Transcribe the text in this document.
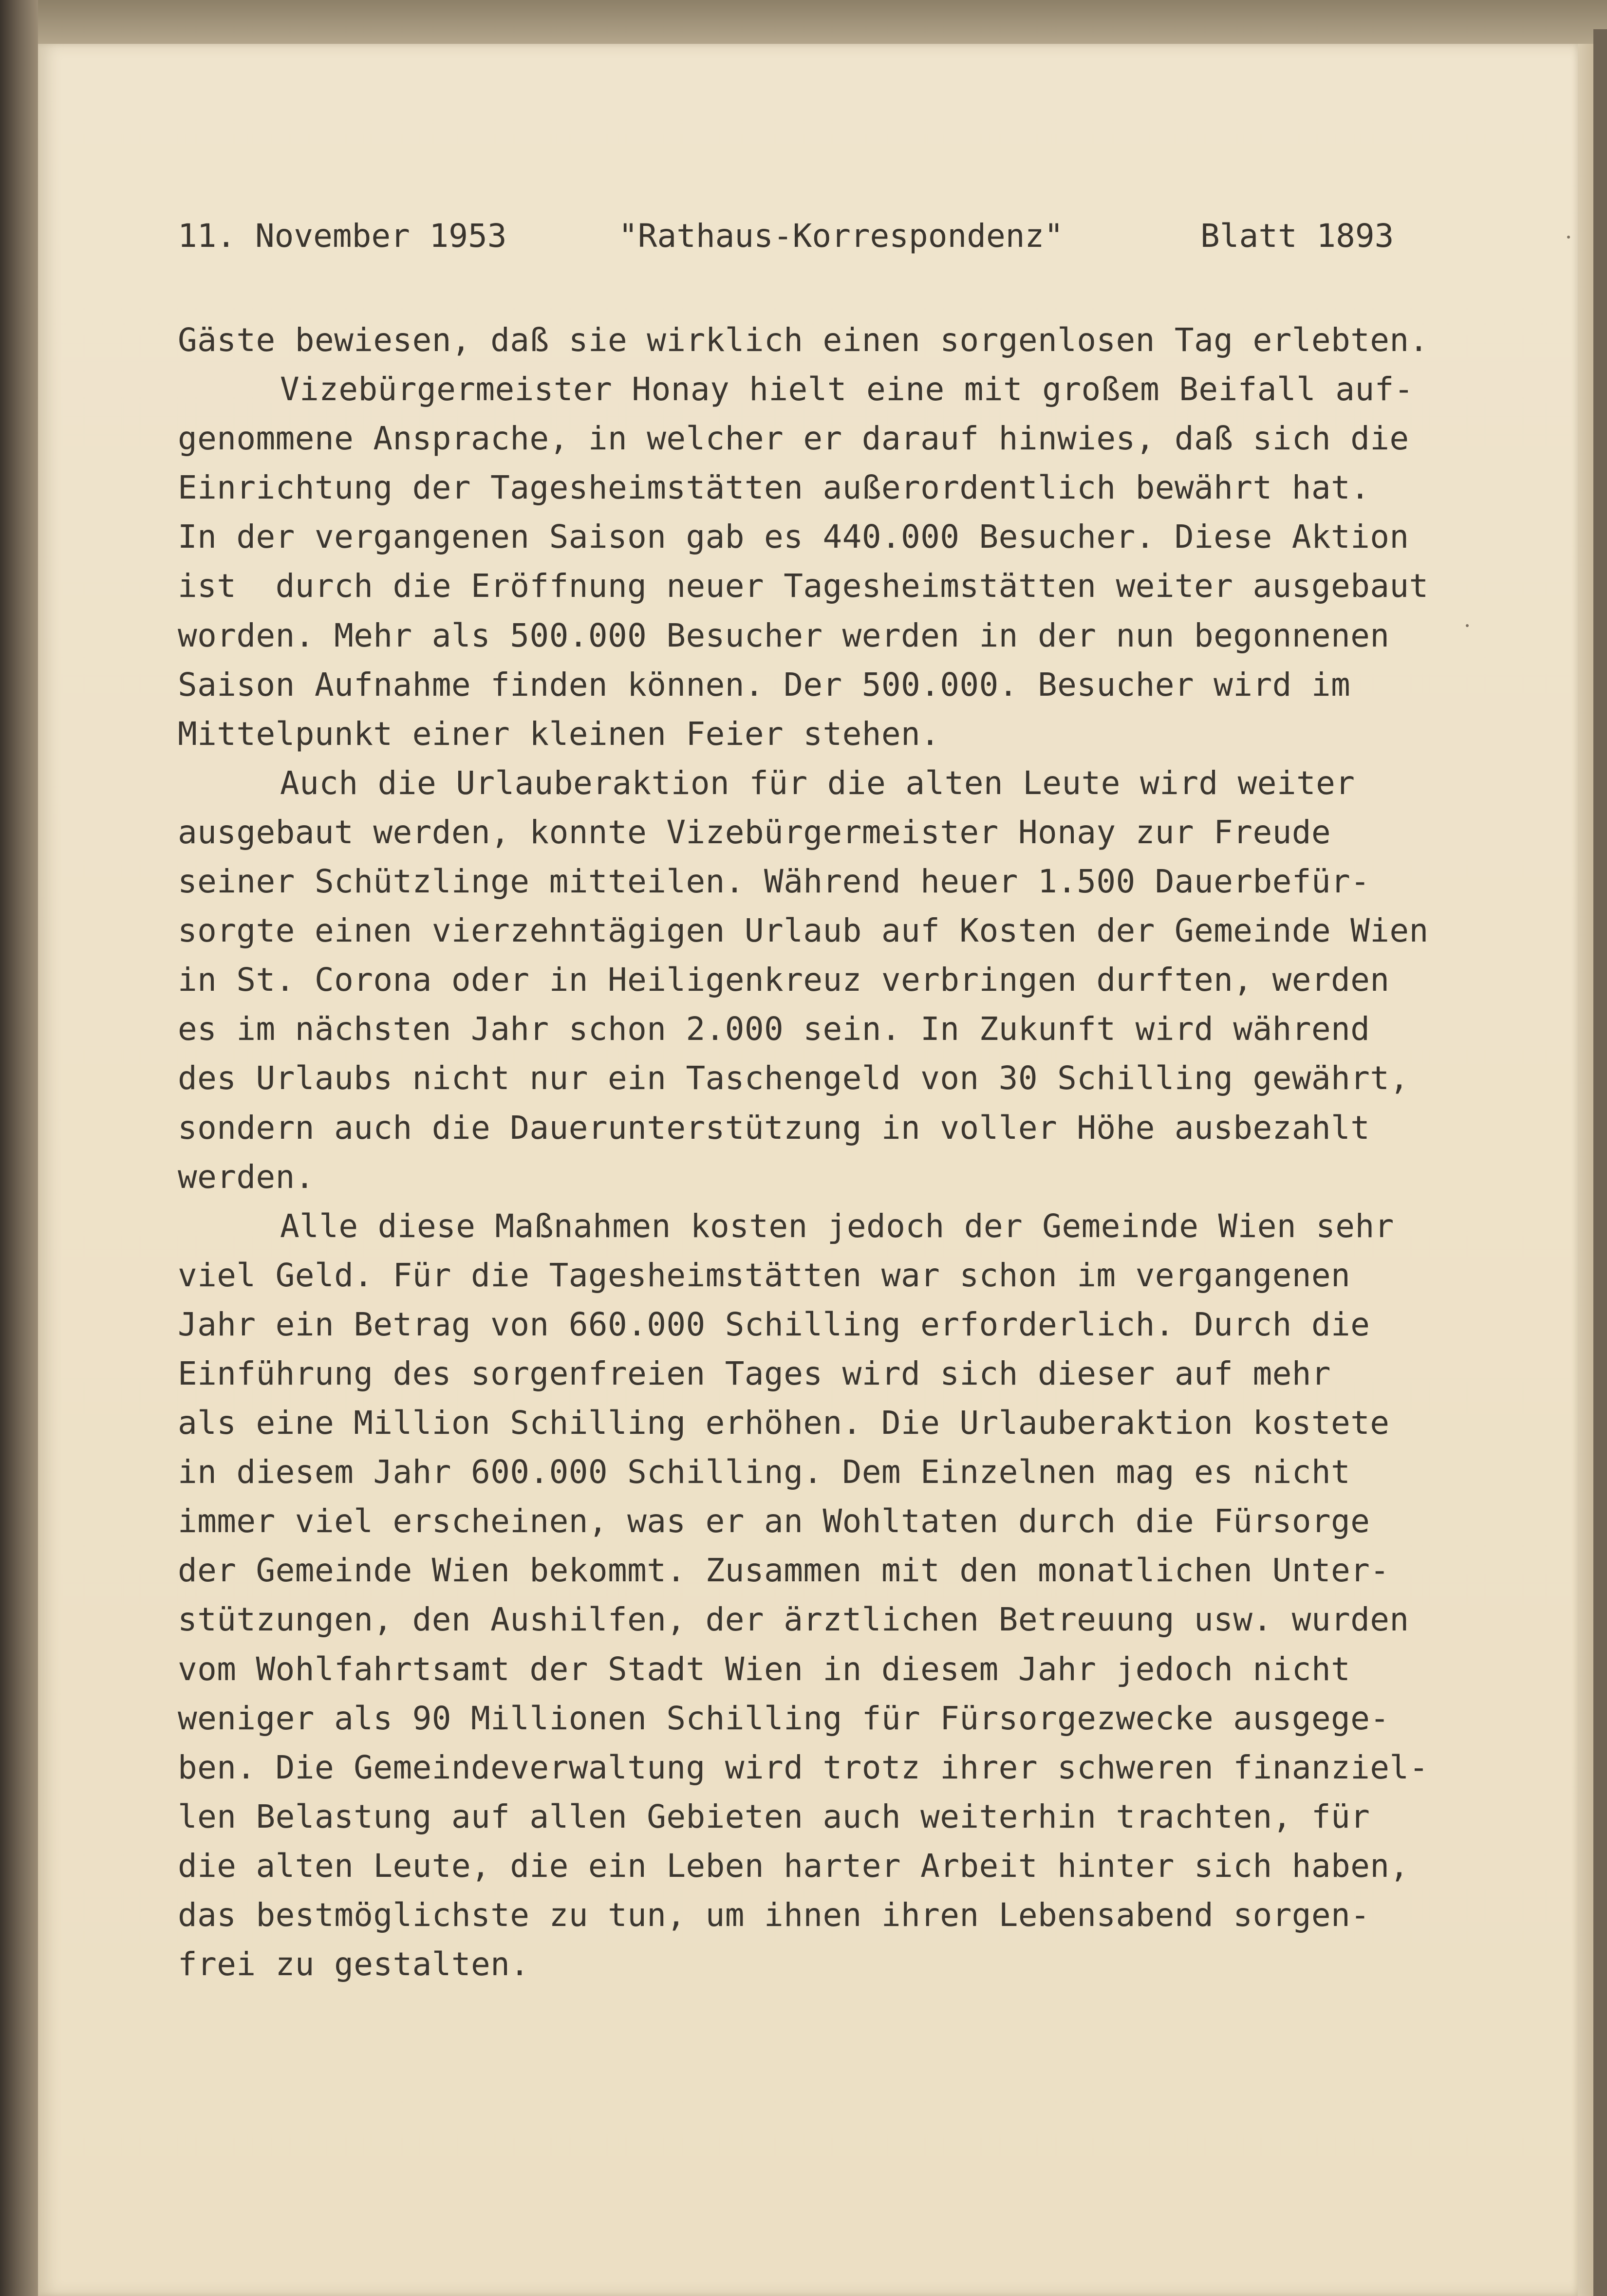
11. November 1953	"Rathaus-Korrespondenz"	Blatt 1893
Gäste bewiesen, daß sie wirklich einen sorgenlosen Tag erlebten.
Vizebürgermeister Honay hielt eine mit großem Beifall auf-
genommene Ansprache, in welcher er darauf hinwies, daß sich die
Einrichtung der Tagesheimstätten außerordentlich bewährt hat.
In der vergangenen Saison gab es 440.000 Besucher. Diese Aktion
ist  durch die Eröffnung neuer Tagesheimstätten weiter ausgebaut
worden. Mehr als 500.000 Besucher werden in der nun begonnenen
Saison Aufnahme finden können. Der 500.000. Besucher wird im
Mittelpunkt einer kleinen Feier stehen.
Auch die Urlauberaktion für die alten Leute wird weiter
ausgebaut werden, konnte Vizebürgermeister Honay zur Freude
seiner Schützlinge mitteilen. Während heuer 1.500 Dauerbefür-
sorgte einen vierzehntägigen Urlaub auf Kosten der Gemeinde Wien
in St. Corona oder in Heiligenkreuz verbringen durften, werden
es im nächsten Jahr schon 2.000 sein. In Zukunft wird während
des Urlaubs nicht nur ein Taschengeld von 30 Schilling gewährt,
sondern auch die Dauerunterstützung in voller Höhe ausbezahlt
werden.
Alle diese Maßnahmen kosten jedoch der Gemeinde Wien sehr
viel Geld. Für die Tagesheimstätten war schon im vergangenen
Jahr ein Betrag von 660.000 Schilling erforderlich. Durch die
Einführung des sorgenfreien Tages wird sich dieser auf mehr
als eine Million Schilling erhöhen. Die Urlauberaktion kostete
in diesem Jahr 600.000 Schilling. Dem Einzelnen mag es nicht
immer viel erscheinen, was er an Wohltaten durch die Fürsorge
der Gemeinde Wien bekommt. Zusammen mit den monatlichen Unter-
stützungen, den Aushilfen, der ärztlichen Betreuung usw. wurden
vom Wohlfahrtsamt der Stadt Wien in diesem Jahr jedoch nicht
weniger als 90 Millionen Schilling für Fürsorgezwecke ausgege-
ben. Die Gemeindeverwaltung wird trotz ihrer schweren finanziel-
len Belastung auf allen Gebieten auch weiterhin trachten, für
die alten Leute, die ein Leben harter Arbeit hinter sich haben,
das bestmöglichste zu tun, um ihnen ihren Lebensabend sorgen-
frei zu gestalten.
